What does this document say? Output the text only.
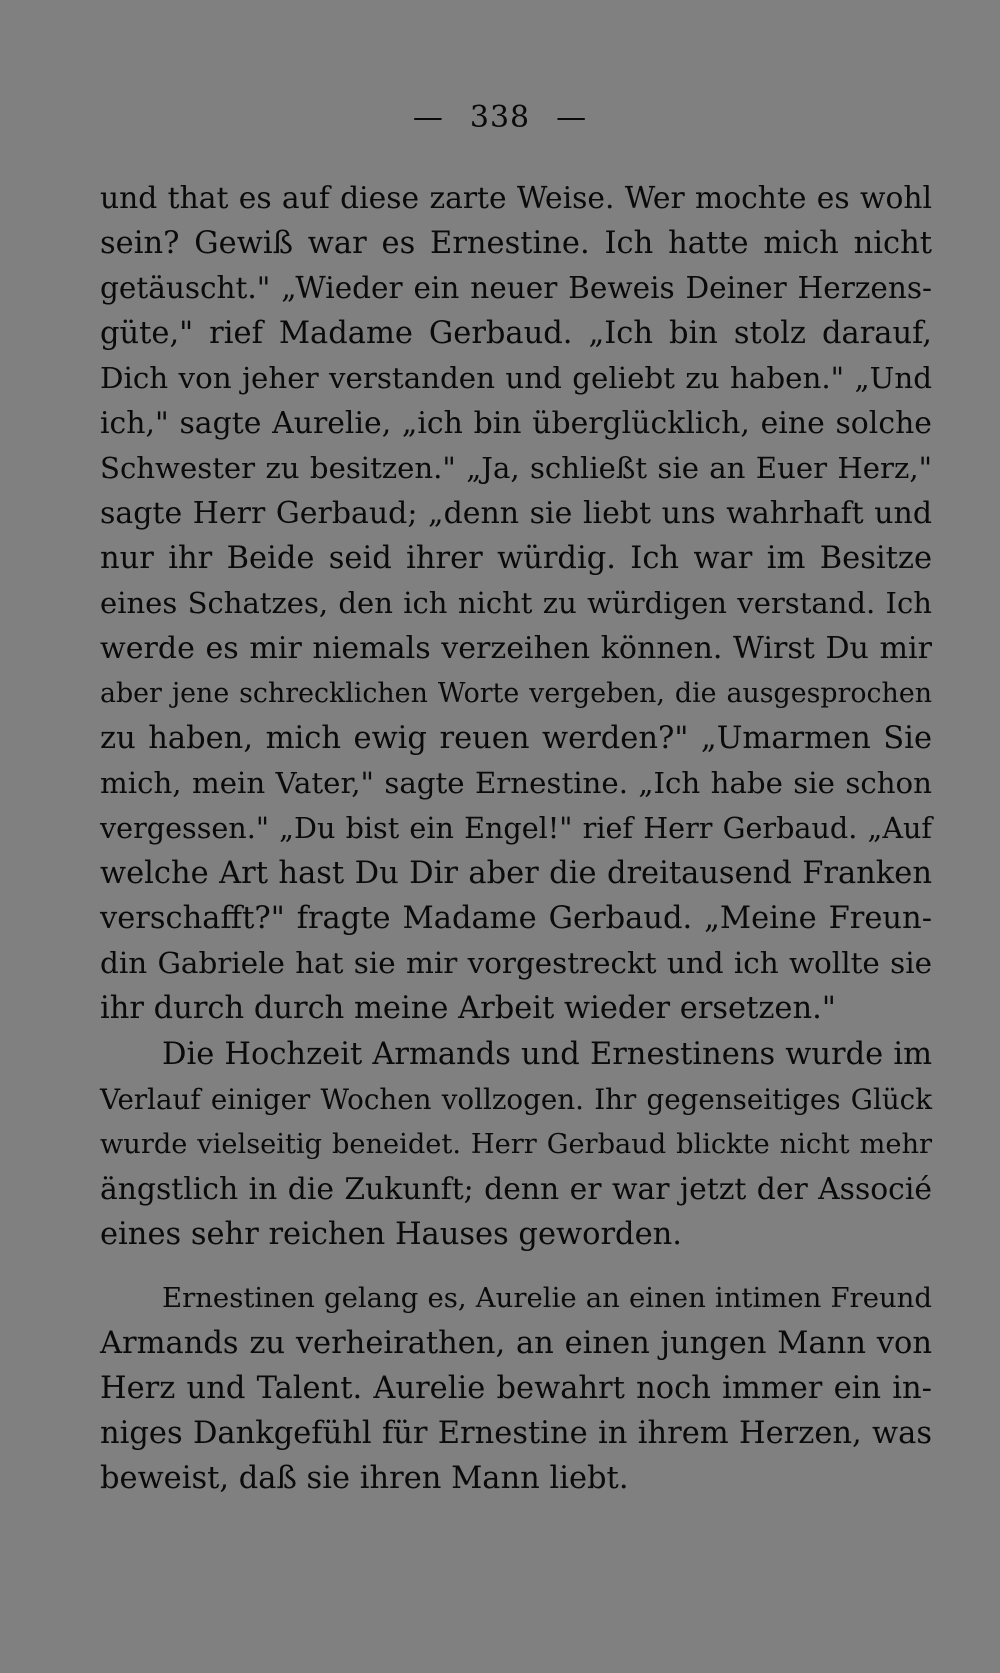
— 338 —
und that es auf diese zarte Weise. Wer mochte es wohl
sein? Gewiß war es Ernestine. Ich hatte mich nicht
getäuscht." „Wieder ein neuer Beweis Deiner Herzens-
güte," rief Madame Gerbaud. „Ich bin stolz darauf,
Dich von jeher verstanden und geliebt zu haben." „Und
ich," sagte Aurelie, „ich bin überglücklich, eine solche
Schwester zu besitzen." „Ja, schließt sie an Euer Herz,"
sagte Herr Gerbaud; „denn sie liebt uns wahrhaft und
nur ihr Beide seid ihrer würdig. Ich war im Besitze
eines Schatzes, den ich nicht zu würdigen verstand. Ich
werde es mir niemals verzeihen können. Wirst Du mir
aber jene schrecklichen Worte vergeben, die ausgesprochen
zu haben, mich ewig reuen werden?" „Umarmen Sie
mich, mein Vater," sagte Ernestine. „Ich habe sie schon
vergessen." „Du bist ein Engel!" rief Herr Gerbaud. „Auf
welche Art hast Du Dir aber die dreitausend Franken
verschafft?" fragte Madame Gerbaud. „Meine Freun-
din Gabriele hat sie mir vorgestreckt und ich wollte sie
ihr durch durch meine Arbeit wieder ersetzen."
Die Hochzeit Armands und Ernestinens wurde im
Verlauf einiger Wochen vollzogen. Ihr gegenseitiges Glück
wurde vielseitig beneidet. Herr Gerbaud blickte nicht mehr
ängstlich in die Zukunft; denn er war jetzt der Associé
eines sehr reichen Hauses geworden.
Ernestinen gelang es, Aurelie an einen intimen Freund
Armands zu verheirathen, an einen jungen Mann von
Herz und Talent. Aurelie bewahrt noch immer ein in-
niges Dankgefühl für Ernestine in ihrem Herzen, was
beweist, daß sie ihren Mann liebt.
